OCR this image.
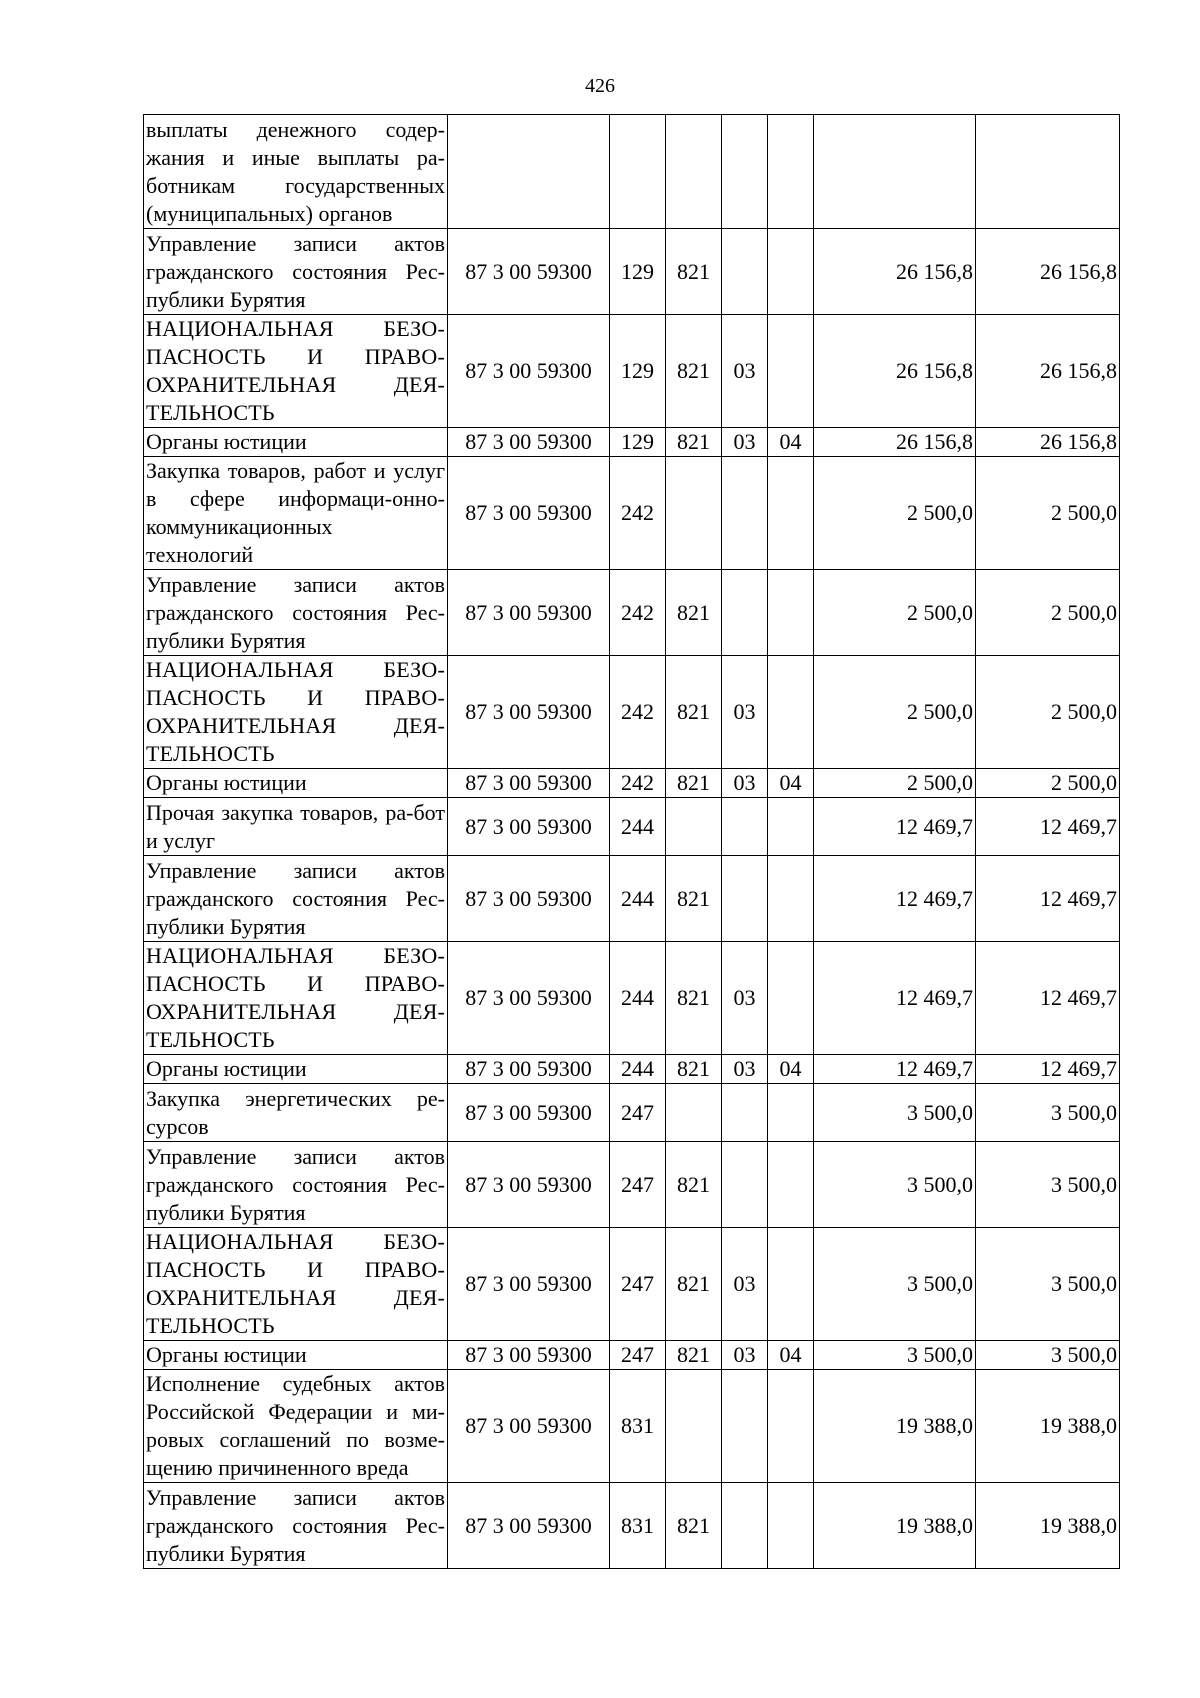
426
выплаты денежного содер-жания и иные выплаты ра-ботникам государственных (муниципальных) органов							
Управление записи актов гражданского состояния Рес-публики Бурятия	87 3 00 59300	129	821			26 156,8	26 156,8
НАЦИОНАЛЬНАЯ БЕЗО-ПАСНОСТЬ И ПРАВО-ОХРАНИТЕЛЬНАЯ ДЕЯ-ТЕЛЬНОСТЬ	87 3 00 59300	129	821	03		26 156,8	26 156,8
Органы юстиции	87 3 00 59300	129	821	03	04	26 156,8	26 156,8
Закупка товаров, работ и услуг в сфере информаци-онно-коммуникационных технологий	87 3 00 59300	242				2 500,0	2 500,0
Управление записи актов гражданского состояния Рес-публики Бурятия	87 3 00 59300	242	821			2 500,0	2 500,0
НАЦИОНАЛЬНАЯ БЕЗО-ПАСНОСТЬ И ПРАВО-ОХРАНИТЕЛЬНАЯ ДЕЯ-ТЕЛЬНОСТЬ	87 3 00 59300	242	821	03		2 500,0	2 500,0
Органы юстиции	87 3 00 59300	242	821	03	04	2 500,0	2 500,0
Прочая закупка товаров, ра-бот и услуг	87 3 00 59300	244				12 469,7	12 469,7
Управление записи актов гражданского состояния Рес-публики Бурятия	87 3 00 59300	244	821			12 469,7	12 469,7
НАЦИОНАЛЬНАЯ БЕЗО-ПАСНОСТЬ И ПРАВО-ОХРАНИТЕЛЬНАЯ ДЕЯ-ТЕЛЬНОСТЬ	87 3 00 59300	244	821	03		12 469,7	12 469,7
Органы юстиции	87 3 00 59300	244	821	03	04	12 469,7	12 469,7
Закупка энергетических ре-сурсов	87 3 00 59300	247				3 500,0	3 500,0
Управление записи актов гражданского состояния Рес-публики Бурятия	87 3 00 59300	247	821			3 500,0	3 500,0
НАЦИОНАЛЬНАЯ БЕЗО-ПАСНОСТЬ И ПРАВО-ОХРАНИТЕЛЬНАЯ ДЕЯ-ТЕЛЬНОСТЬ	87 3 00 59300	247	821	03		3 500,0	3 500,0
Органы юстиции	87 3 00 59300	247	821	03	04	3 500,0	3 500,0
Исполнение судебных актов Российской Федерации и ми-ровых соглашений по возме-щению причиненного вреда	87 3 00 59300	831				19 388,0	19 388,0
Управление записи актов гражданского состояния Рес-публики Бурятия	87 3 00 59300	831	821			19 388,0	19 388,0
